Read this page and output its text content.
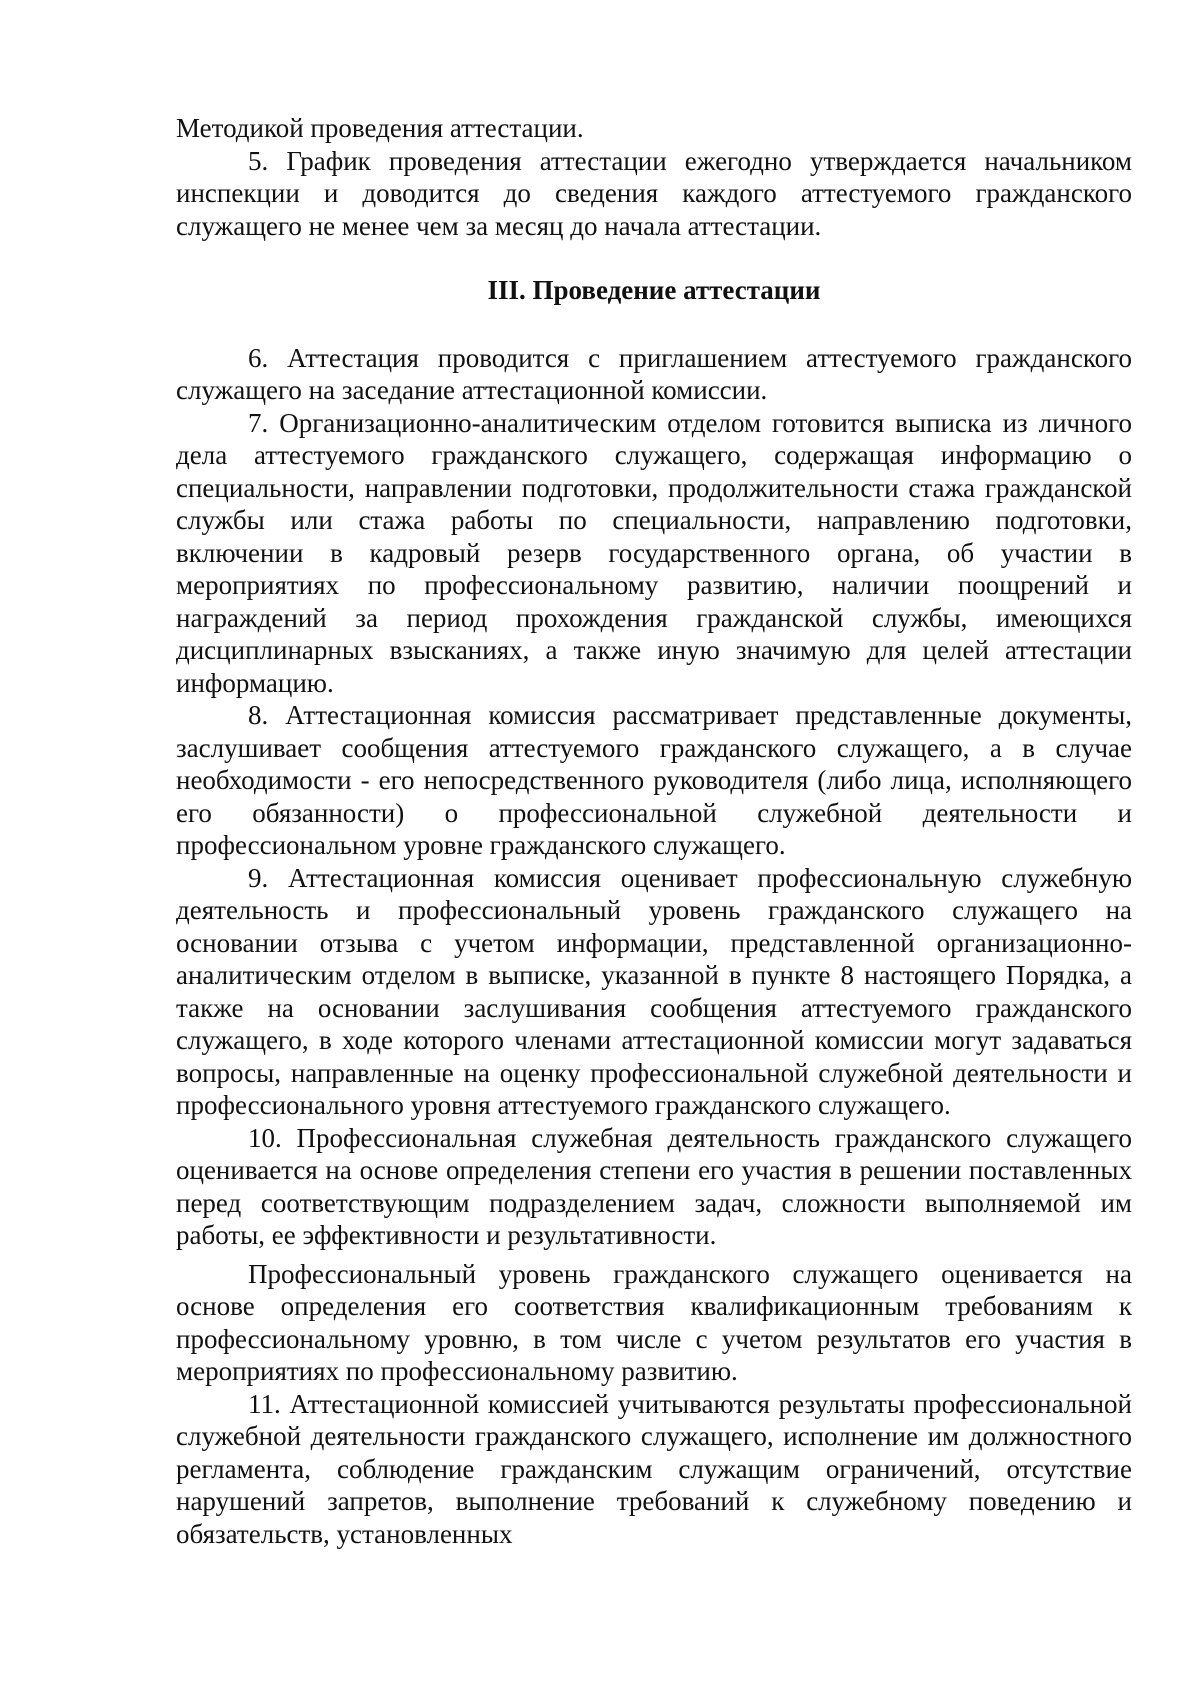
Методикой проведения аттестации.

5. График проведения аттестации ежегодно утверждается начальником инспекции и доводится до сведения каждого аттестуемого гражданского служащего не менее чем за месяц до начала аттестации.

III. Проведение аттестации

6. Аттестация проводится с приглашением аттестуемого гражданского служащего на заседание аттестационной комиссии.

7. Организационно-аналитическим отделом готовится выписка из личного дела аттестуемого гражданского служащего, содержащая информацию о специальности, направлении подготовки, продолжительности стажа гражданской службы или стажа работы по специальности, направлению подготовки, включении в кадровый резерв государственного органа, об участии в мероприятиях по профессиональному развитию, наличии поощрений и награждений за период прохождения гражданской службы, имеющихся дисциплинарных взысканиях, а также иную значимую для целей аттестации информацию.

8. Аттестационная комиссия рассматривает представленные документы, заслушивает сообщения аттестуемого гражданского служащего, а в случае необходимости - его непосредственного руководителя (либо лица, исполняющего его обязанности) о профессиональной служебной деятельности и профессиональном уровне гражданского служащего.

9. Аттестационная комиссия оценивает профессиональную служебную деятельность и профессиональный уровень гражданского служащего на основании отзыва с учетом информации, представленной организационно-аналитическим отделом в выписке, указанной в пункте 8 настоящего Порядка, а также на основании заслушивания сообщения аттестуемого гражданского служащего, в ходе которого членами аттестационной комиссии могут задаваться вопросы, направленные на оценку профессиональной служебной деятельности и профессионального уровня аттестуемого гражданского служащего.

10. Профессиональная служебная деятельность гражданского служащего оценивается на основе определения степени его участия в решении поставленных перед соответствующим подразделением задач, сложности выполняемой им работы, ее эффективности и результативности.

Профессиональный уровень гражданского служащего оценивается на основе определения его соответствия квалификационным требованиям к профессиональному уровню, в том числе с учетом результатов его участия в мероприятиях по профессиональному развитию.

11. Аттестационной комиссией учитываются результаты профессиональной служебной деятельности гражданского служащего, исполнение им должностного регламента, соблюдение гражданским служащим ограничений, отсутствие нарушений запретов, выполнение требований к служебному поведению и обязательств, установленных
